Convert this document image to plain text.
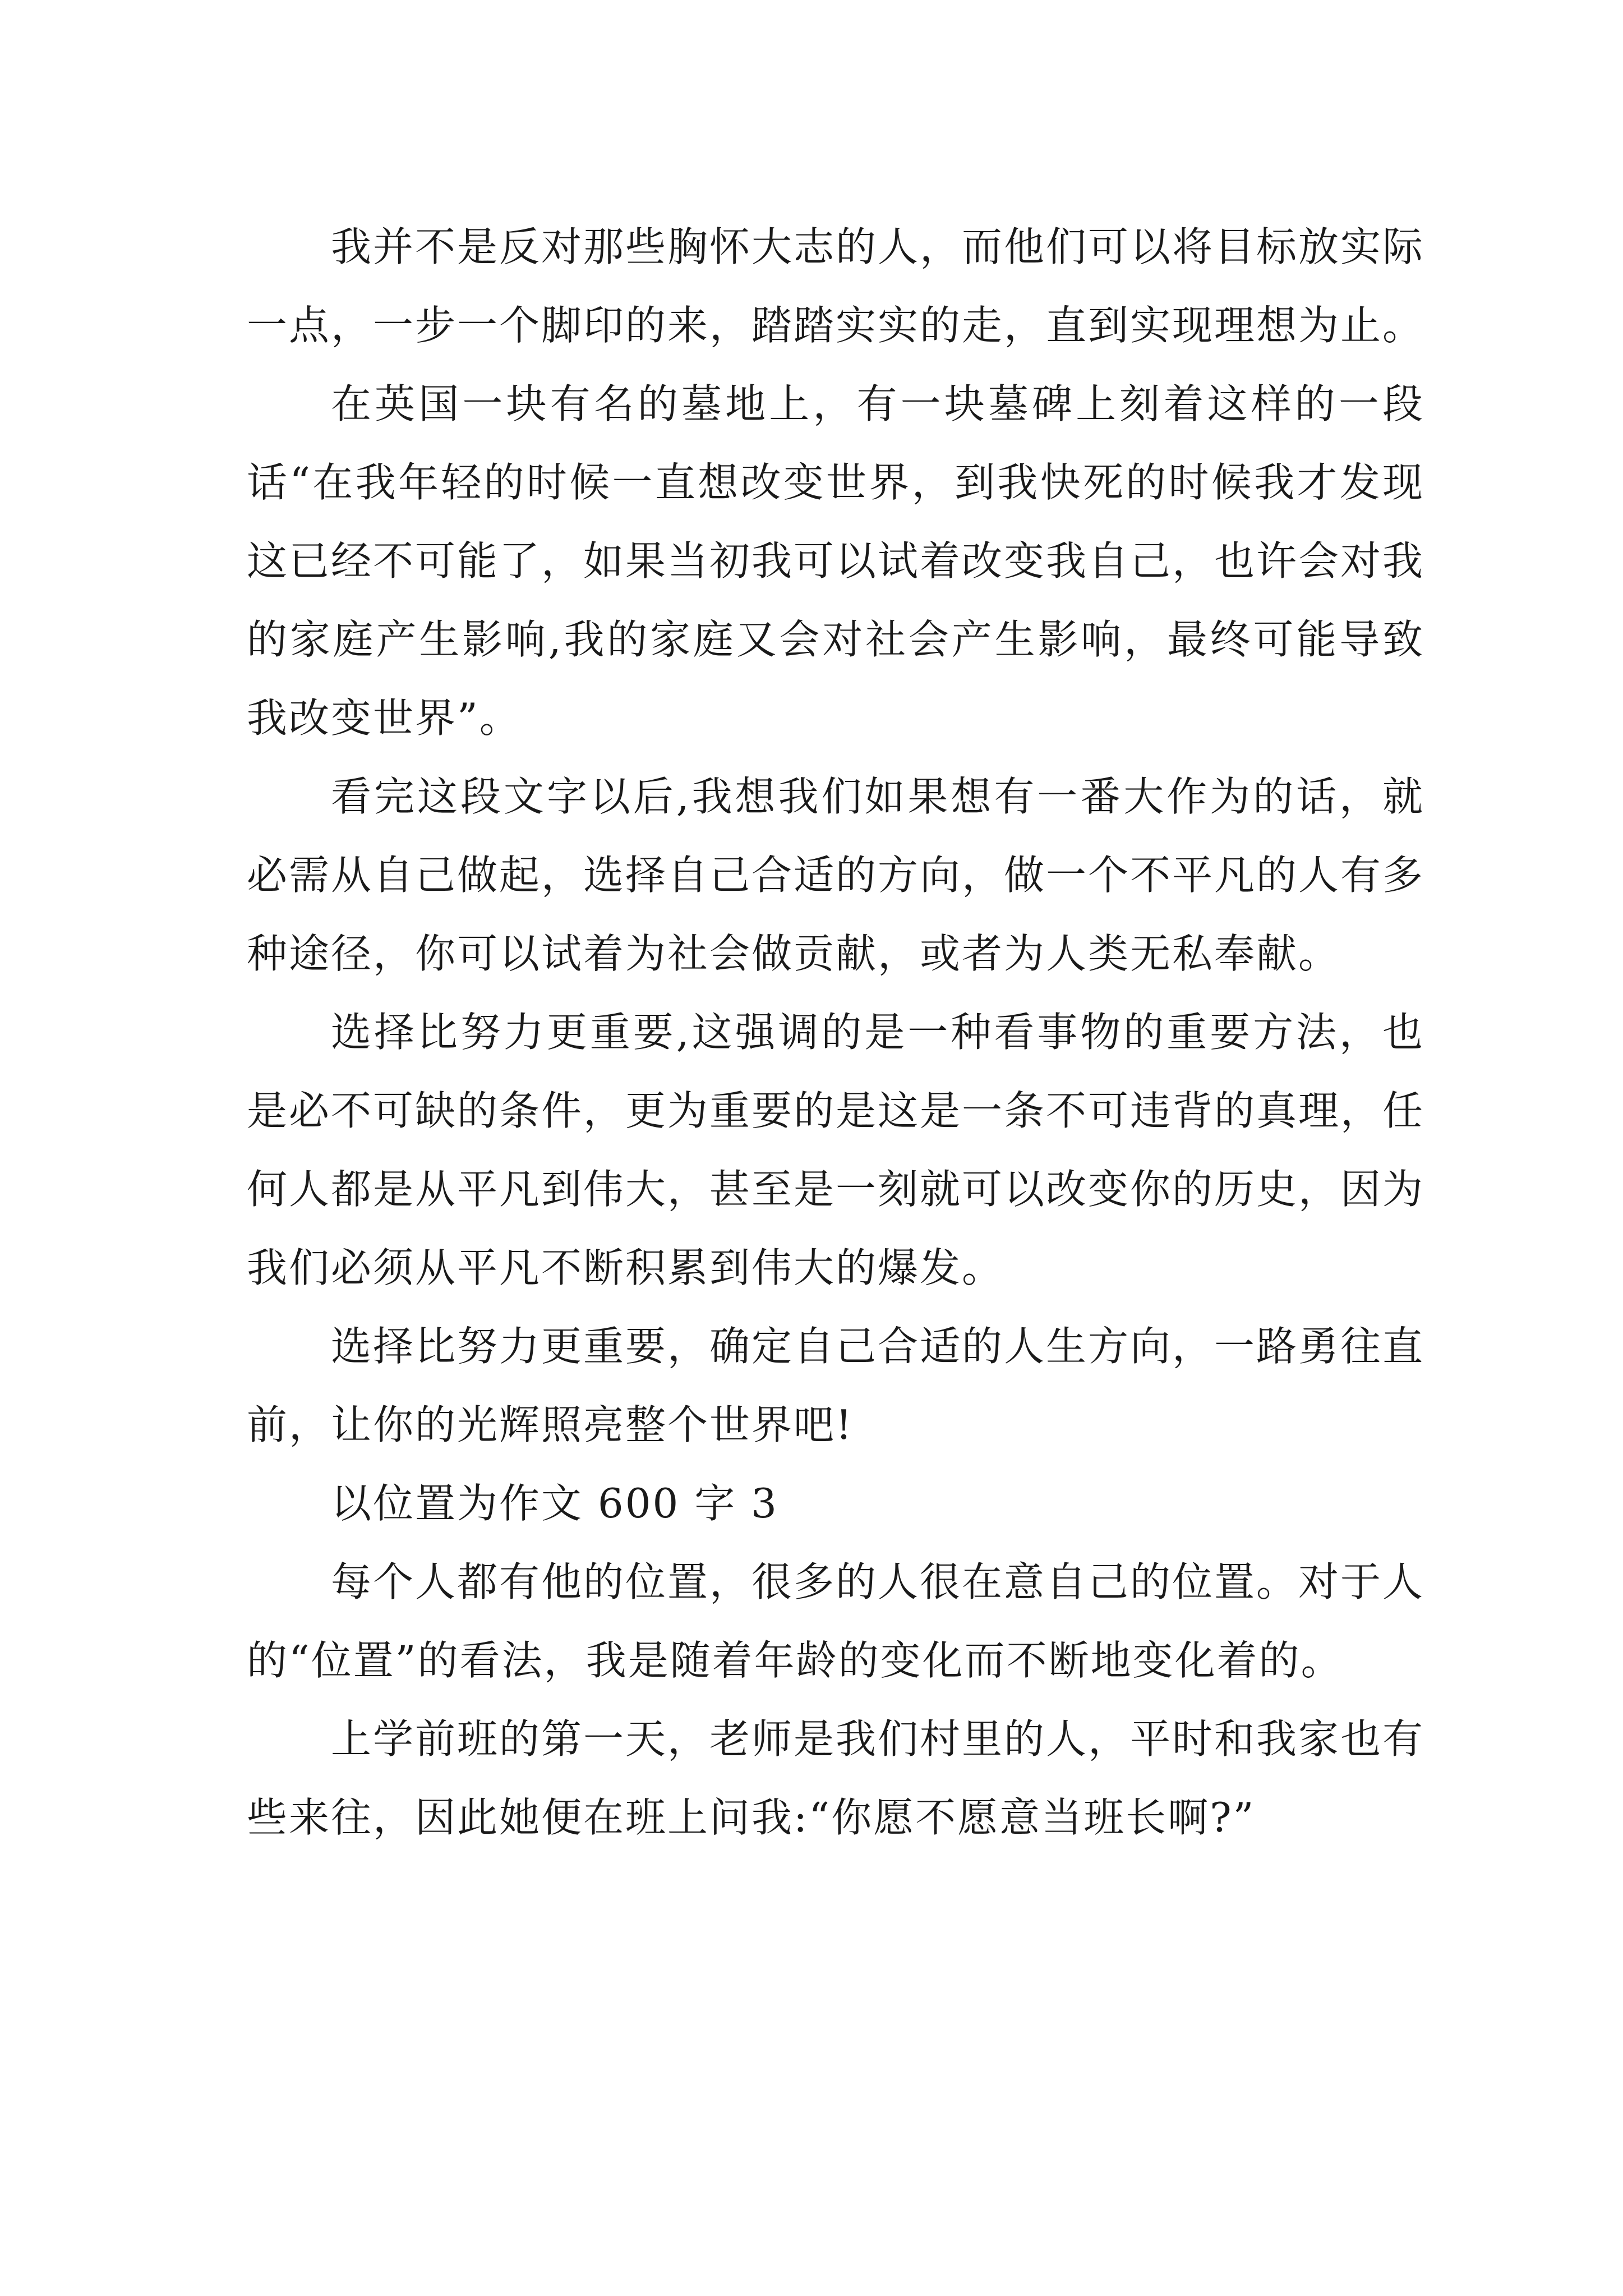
我并不是反对那些胸怀大志的人，而他们可以将目标放实际一点，一步一个脚印的来，踏踏实实的走，直到实现理想为止。

在英国一块有名的墓地上，有一块墓碑上刻着这样的一段话“在我年轻的时候一直想改变世界，到我快死的时候我才发现这已经不可能了，如果当初我可以试着改变我自己，也许会对我的家庭产生影响,我的家庭又会对社会产生影响，最终可能导致我改变世界”。

看完这段文字以后,我想我们如果想有一番大作为的话，就必需从自己做起，选择自己合适的方向，做一个不平凡的人有多种途径，你可以试着为社会做贡献，或者为人类无私奉献。

选择比努力更重要,这强调的是一种看事物的重要方法，也是必不可缺的条件，更为重要的是这是一条不可违背的真理，任何人都是从平凡到伟大，甚至是一刻就可以改变你的历史，因为我们必须从平凡不断积累到伟大的爆发。

选择比努力更重要，确定自己合适的人生方向，一路勇往直前，让你的光辉照亮整个世界吧!

以位置为作文 600 字 3

每个人都有他的位置，很多的人很在意自己的位置。对于人的“位置”的看法，我是随着年龄的变化而不断地变化着的。

上学前班的第一天，老师是我们村里的人，平时和我家也有些来往，因此她便在班上问我:“你愿不愿意当班长啊?”
